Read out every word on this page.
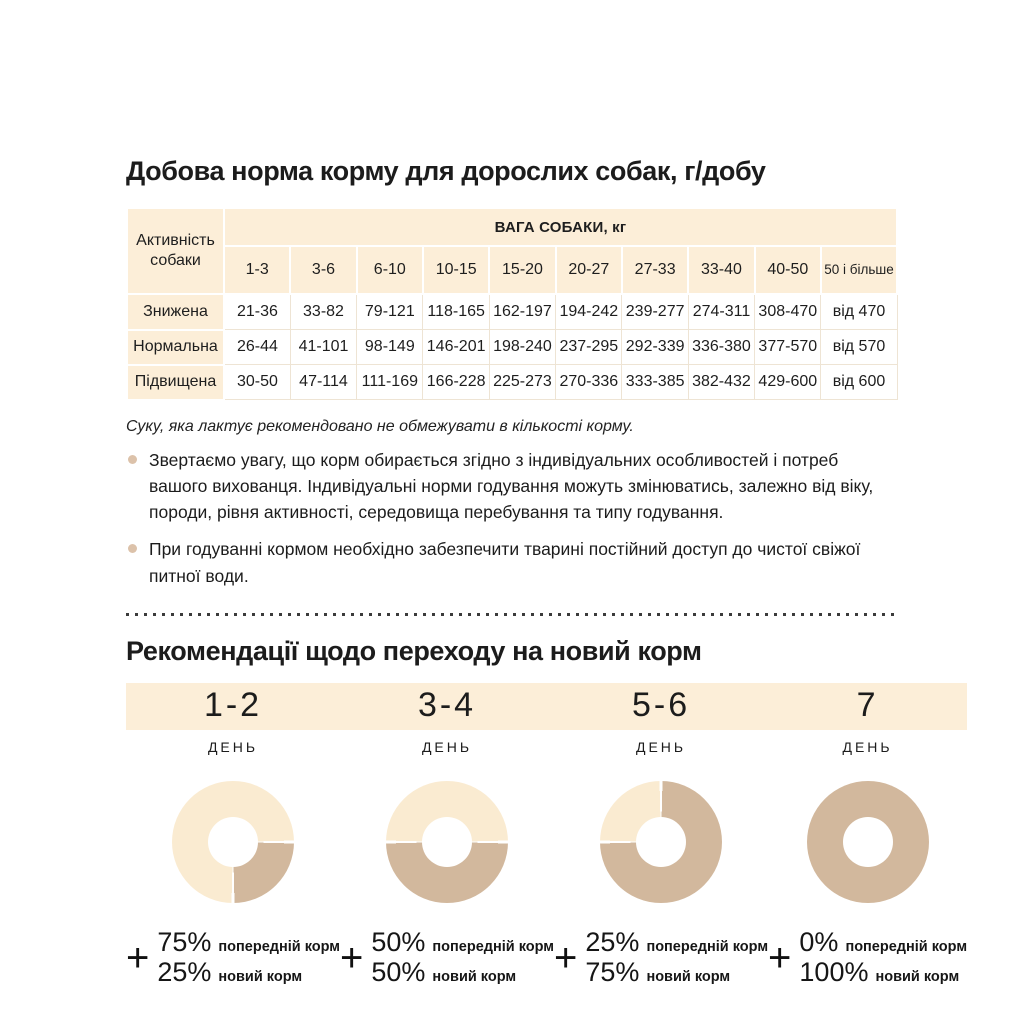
Добова норма корму для дорослих собак, г/добу
Активність собаки	ВАГА СОБАКИ, кг									
	1-3	3-6	6-10	10-15	15-20	20-27	27-33	33-40	40-50	50 і більше
Знижена	21-36	33-82	79-121	118-165	162-197	194-242	239-277	274-311	308-470	від 470
Нормальна	26-44	41-101	98-149	146-201	198-240	237-295	292-339	336-380	377-570	від 570
Підвищена	30-50	47-114	111-169	166-228	225-273	270-336	333-385	382-432	429-600	від 600

Суку, яка лактує рекомендовано не обмежувати в кількості корму.

Звертаємо увагу, що корм обирається згідно з індивідуальних особливостей і потреб вашого вихованця. Індивідуальні норми годування можуть змінюватись, залежно від віку, породи, рівня активності, середовища перебування та типу годування.
При годуванні кормом необхідно забезпечити тварині постійний доступ до чистої свіжої питної води.
Рекомендації щодо переходу на новий корм
1-2
ДЕНЬ
+ 75% попередній корм
25% новий корм
3-4
ДЕНЬ
+ 50% попередній корм
50% новий корм
5-6
ДЕНЬ
+ 25% попередній корм
75% новий корм
7
ДЕНЬ
+ 0% попередній корм
100% новий корм
